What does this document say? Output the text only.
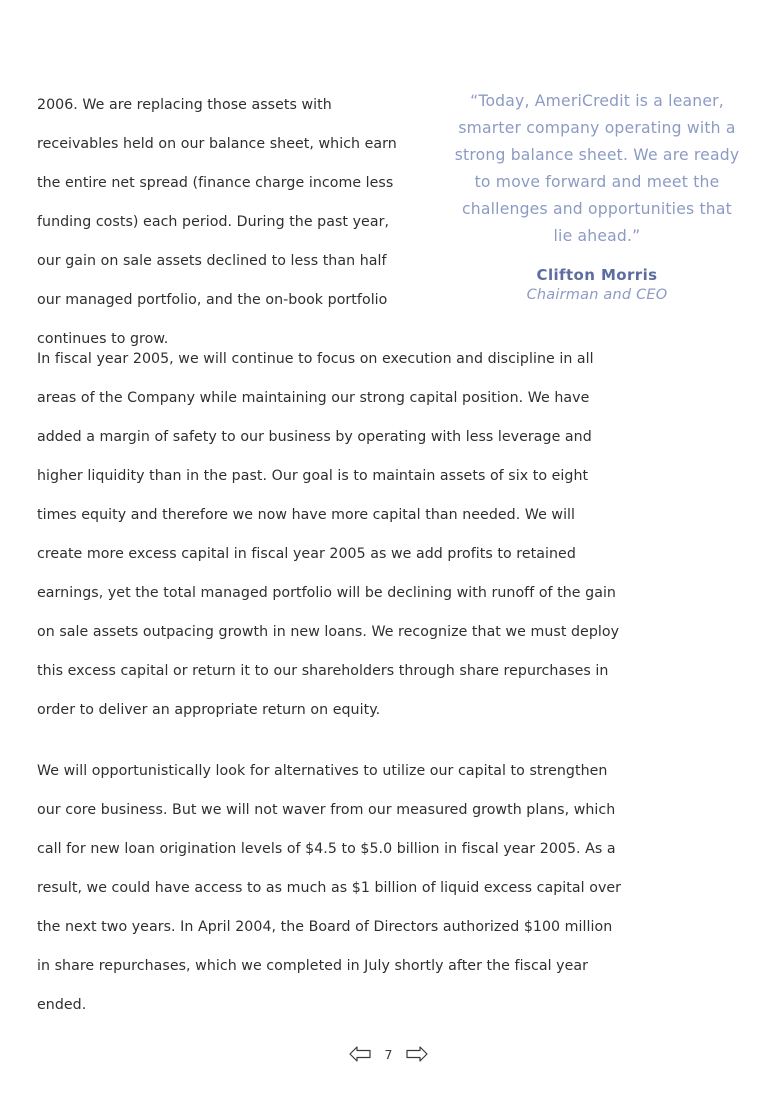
2006. We are replacing those assets with receivables held on our balance sheet, which earn the entire net spread (finance charge income less funding costs) each period. During the past year, our gain on sale assets declined to less than half our managed portfolio, and the on-book portfolio continues to grow.

“Today, AmeriCredit is a leaner, smarter company operating with a strong balance sheet. We are ready to move forward and meet the challenges and opportunities that lie ahead.”

Clifton Morris
Chairman and CEO

In fiscal year 2005, we will continue to focus on execution and discipline in all areas of the Company while maintaining our strong capital position. We have added a margin of safety to our business by operating with less leverage and higher liquidity than in the past. Our goal is to maintain assets of six to eight times equity and therefore we now have more capital than needed. We will create more excess capital in fiscal year 2005 as we add profits to retained earnings, yet the total managed portfolio will be declining with runoff of the gain on sale assets outpacing growth in new loans. We recognize that we must deploy this excess capital or return it to our shareholders through share repurchases in order to deliver an appropriate return on equity.

We will opportunistically look for alternatives to utilize our capital to strengthen our core business. But we will not waver from our measured growth plans, which call for new loan origination levels of $4.5 to $5.0 billion in fiscal year 2005. As a result, we could have access to as much as $1 billion of liquid excess capital over the next two years. In April 2004, the Board of Directors authorized $100 million in share repurchases, which we completed in July shortly after the fiscal year ended.

7
